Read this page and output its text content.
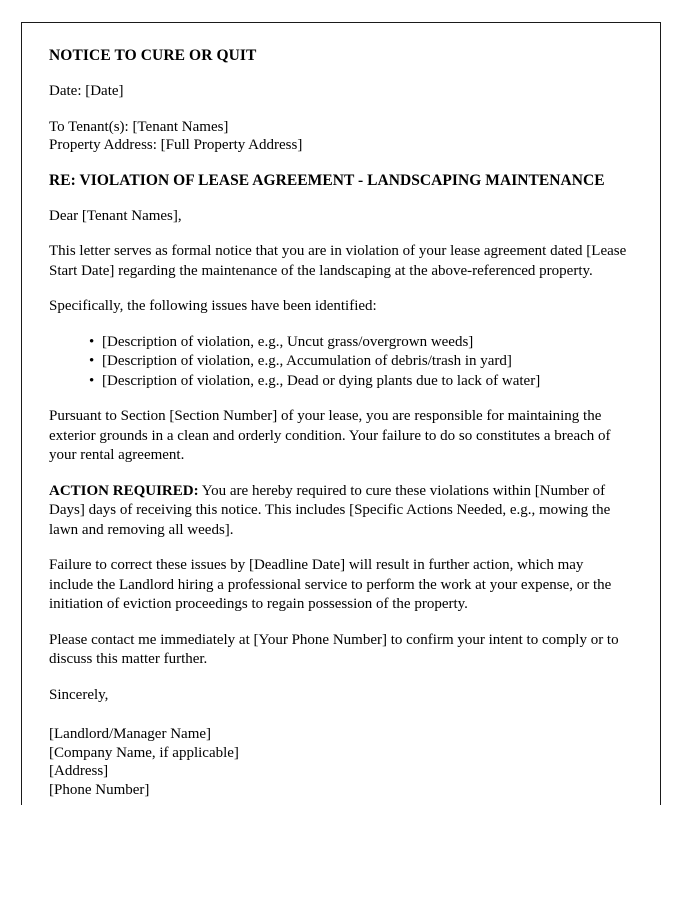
NOTICE TO CURE OR QUIT
Date: [Date]
To Tenant(s): [Tenant Names]
Property Address: [Full Property Address]
RE: VIOLATION OF LEASE AGREEMENT - LANDSCAPING MAINTENANCE
Dear [Tenant Names],
This letter serves as formal notice that you are in violation of your lease agreement dated [Lease Start Date] regarding the maintenance of the landscaping at the above-referenced property.
Specifically, the following issues have been identified:
• [Description of violation, e.g., Uncut grass/overgrown weeds]
• [Description of violation, e.g., Accumulation of debris/trash in yard]
• [Description of violation, e.g., Dead or dying plants due to lack of water]
Pursuant to Section [Section Number] of your lease, you are responsible for maintaining the exterior grounds in a clean and orderly condition. Your failure to do so constitutes a breach of your rental agreement.
ACTION REQUIRED: You are hereby required to cure these violations within [Number of Days] days of receiving this notice. This includes [Specific Actions Needed, e.g., mowing the lawn and removing all weeds].
Failure to correct these issues by [Deadline Date] will result in further action, which may include the Landlord hiring a professional service to perform the work at your expense, or the initiation of eviction proceedings to regain possession of the property.
Please contact me immediately at [Your Phone Number] to confirm your intent to comply or to discuss this matter further.
Sincerely,
[Landlord/Manager Name]
[Company Name, if applicable]
[Address]
[Phone Number]
